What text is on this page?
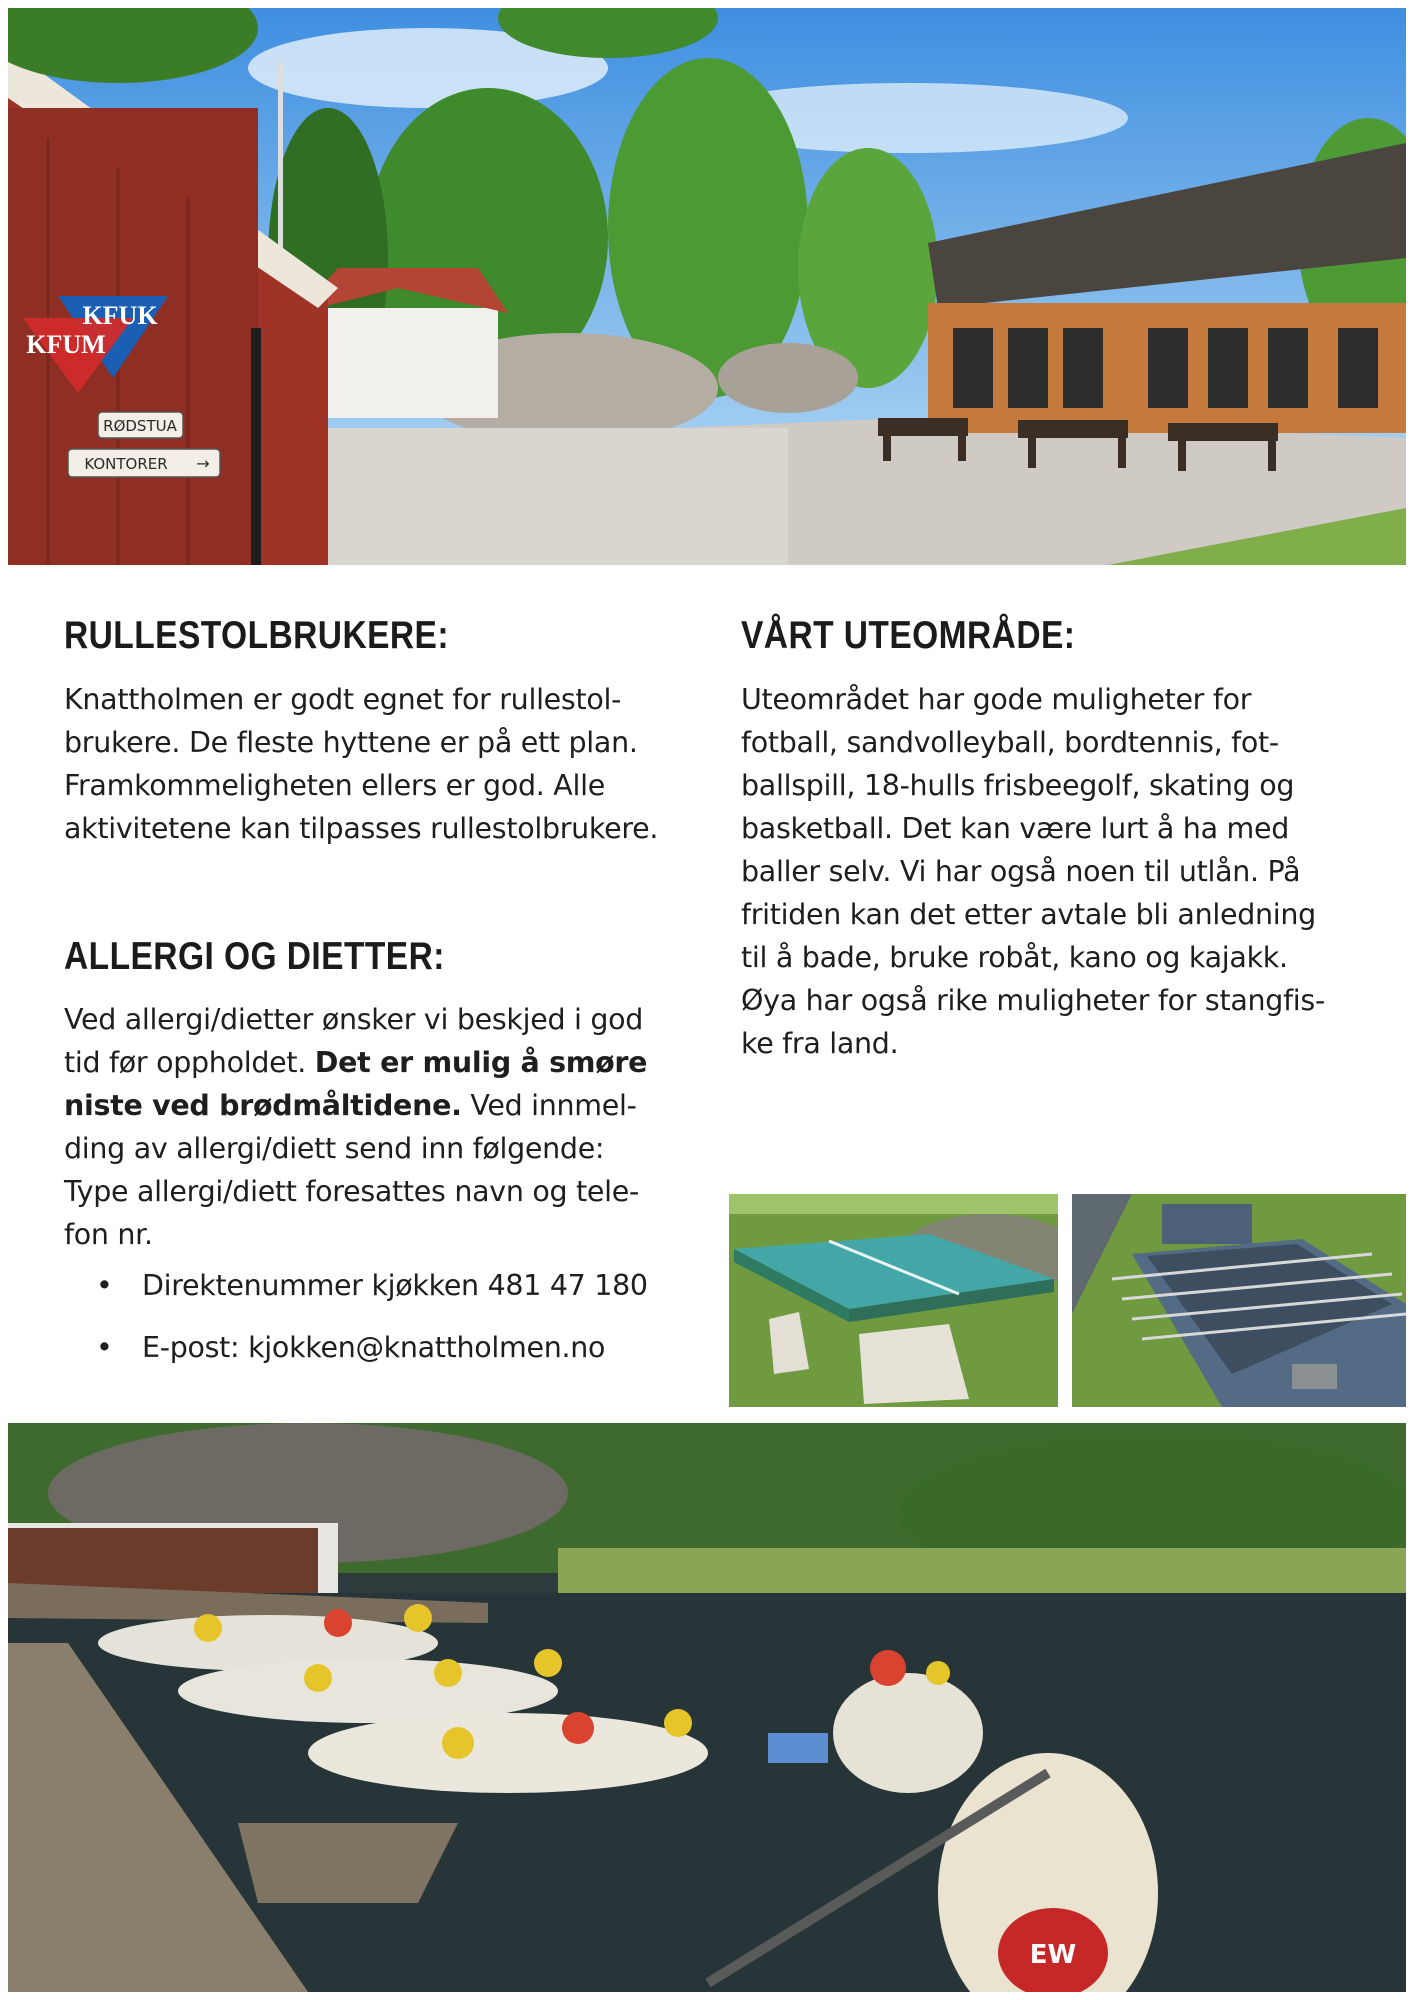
KFUK
KFUM
RØDSTUA
KONTORER →
RULLESTOLBRUKERE:

Knattholmen er godt egnet for rullestol-
brukere. De fleste hyttene er på ett plan.
Framkommeligheten ellers er god. Alle
aktivitetene kan tilpasses rullestolbrukere.

ALLERGI OG DIETTER:

Ved allergi/dietter ønsker vi beskjed i god
tid før oppholdet. Det er mulig å smøre
niste ved brødmåltidene. Ved innmel-
ding av allergi/diett send inn følgende:
Type allergi/diett foresattes navn og tele-
fon nr.

• Direktenummer kjøkken 481 47 180
• E-post: kjokken@knattholmen.no
VÅRT UTEOMRÅDE:

Uteområdet har gode muligheter for
fotball, sandvolleyball, bordtennis, fot-
ballspill, 18-hulls frisbeegolf, skating og
basketball. Det kan være lurt å ha med
baller selv. Vi har også noen til utlån. På
fritiden kan det etter avtale bli anledning
til å bade, bruke robåt, kano og kajakk.
Øya har også rike muligheter for stangfis-
ke fra land.

EW
